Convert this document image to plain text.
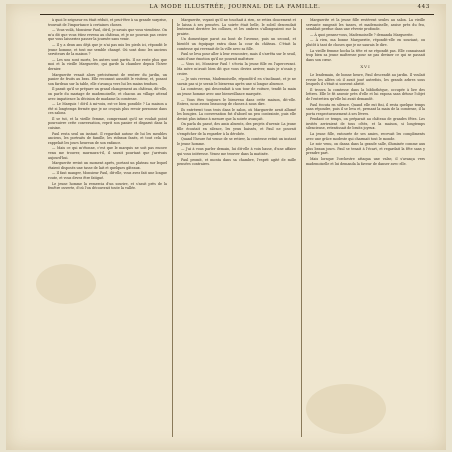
LA MODE ILLUSTRÉE, JOURNAL DE LA FAMILLE.	443

à quoi le seigneur en était réduit, et peut-être à sa grande surprise, trouvait de l'importance à certaines choses.

— Vous voilà, Monsieur Paul, dit-il, je savais que vous viendriez. On m'a dit que vous étiez revenu au château, et je ne pouvais pas croire que vous laisseriez passer la journée sans venir.

— Il y a deux ans déjà que je n'ai pas mis les pieds ici, répondit le jeune homme, et tout me semble changé. Où sont donc les anciens serviteurs de la maison ?

— Les uns sont morts, les autres sont partis. Il ne reste plus que moi et la vieille Marguerite, qui garde la chambre depuis l'hiver dernier.

Marguerite venait alors précisément de rentrer du jardin, un panier de fruits au bras. Elle reconnut aussitôt le visiteur, et, posant son fardeau sur la table, elle s'avança vers lui les mains tendues.

Il parait qu'il se prépare un grand changement au château, dit-elle, on parle du mariage de mademoiselle, et chacun au village attend avec impatience la décision de madame la comtesse.

— Le Marquis ! dit-il à mi-voix, est-ce bien possible ? La maison a été si longtemps fermée que je ne croyais plus revoir personne dans ces salons.

Il se tut, et la vieille femme, comprenant qu'il ne voulait point poursuivre cette conversation, reprit son panier et disparut dans la cuisine.

Paul resta seul un instant. Il regardait autour de lui les meubles anciens, les portraits de famille, les rideaux fanés, et tout cela lui rappelait les jours heureux de son enfance.

— Mais ce qui m'étonne, c'est que le marquis ne soit pas encore venu me trouver, murmura-t-il, il savait pourtant que j'arrivais aujourd'hui.

Marguerite revint un moment après, portant un plateau sur lequel étaient disposés une tasse de lait et quelques gâteaux.

— Il faut manger, Monsieur Paul, dit-elle, vous avez fait une longue route, et vous devez être fatigué.

Le jeune homme la remercia d'un sourire, et s'assit près de la fenêtre ouverte, d'où l'on découvrait toute la vallée.

Marguerite, voyant qu'il ne touchait à rien, se retira doucement et le laissa à ses pensées. La soirée était belle, le soleil descendait lentement derrière les collines, et les ombres s'allongeaient sur la prairie.

Un domestique parut au bout de l'avenue, puis un second, et bientôt un équipage entra dans la cour du château. C'était la comtesse qui revenait de la ville avec sa fille.

Paul se leva pour aller à leur rencontre, mais il s'arrêta sur le seuil, saisi d'une émotion qu'il ne pouvait maîtriser.

— Vous ici, Monsieur Paul ! s'écria la jeune fille en l'apercevant. Ma mère m'avait bien dit que vous deviez arriver, mais je n'osais y croire.

— Je suis revenu, Mademoiselle, répondit-il en s'inclinant, et je ne savais pas si je serais le bienvenu après une si longue absence.

La comtesse, qui descendait à son tour de voiture, tendit la main au jeune homme avec une bienveillance marquée.

— Vous êtes toujours le bienvenu dans cette maison, dit-elle. Entrez, nous avons beaucoup de choses à nous dire.

Ils entrèrent tous trois dans le salon, où Marguerite avait allumé les bougies. La conversation fut d'abord un peu contrainte, puis elle devint plus intime à mesure que la soirée avançait.

On parla du passé, des amis absents, des projets d'avenir. La jeune fille écoutait en silence, les yeux baissés, et Paul ne pouvait s'empêcher de la regarder à la dérobée.

Quand l'heure fut venue de se retirer, la comtesse retint un instant le jeune homme.

— J'ai à vous parler demain, lui dit-elle à voix basse, d'une affaire qui vous intéresse. Venez me trouver dans la matinée.

Paul promit, et monta dans sa chambre, l'esprit agité de mille pensées contraires.

Marguerite et la jeune fille restèrent seules au salon. La vieille servante rangeait les tasses, et mademoiselle, assise près du feu, semblait perdue dans une rêverie profonde.

— À quoi pensez-vous, Mademoiselle ? demanda Marguerite.

— À rien, ma bonne Marguerite, répondit-elle en souriant, ou plutôt à tant de choses que je ne saurais le dire.

La vieille femme hocha la tête et ne répondit pas. Elle connaissait trop bien sa jeune maîtresse pour ne pas deviner ce qui se passait dans son cœur.

XVI

Le lendemain, de bonne heure, Paul descendit au jardin. Il voulait revoir les allées où il avait joué autrefois, les grands arbres sous lesquels il s'était si souvent abrité.

Il trouva la comtesse dans la bibliothèque, occupée à lire des lettres. Elle le fit asseoir près d'elle et lui exposa sans détour l'objet de l'entretien qu'elle lui avait demandé.

Paul écouta en silence. Quand elle eut fini, il resta quelque temps sans répondre, puis il se leva et, prenant la main de la comtesse, il la porta respectueusement à ses lèvres.

Pendant ce temps, on préparait au château de grandes fêtes. Les invités arrivaient de tous côtés, et la maison, si longtemps silencieuse, retentissait de bruits joyeux.

La jeune fille, entourée de ses amies, recevait les compliments avec une grâce modeste qui charmait tout le monde.

Le soir venu, on dansa dans la grande salle, illuminée comme aux plus beaux jours. Paul se tenait à l'écart, et regardait la fête sans y prendre part.

Mais lorsque l'orchestre attaqua une valse, il s'avança vers mademoiselle et lui demanda la faveur de danser avec elle.
